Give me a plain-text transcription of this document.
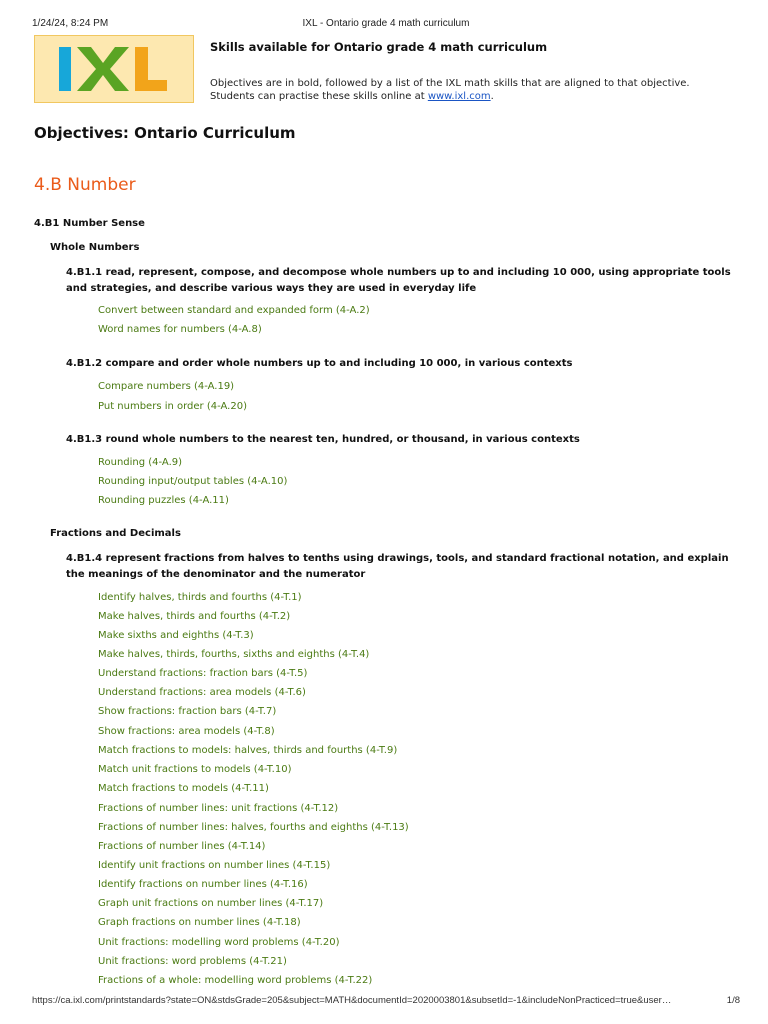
1/24/24, 8:24 PM	IXL - Ontario grade 4 math curriculum
Skills available for Ontario grade 4 math curriculum
Objectives are in bold, followed by a list of the IXL math skills that are aligned to that objective.
Students can practise these skills online at www.ixl.com.
Objectives: Ontario Curriculum
4.B Number
4.B1 Number Sense
Whole Numbers
4.B1.1 read, represent, compose, and decompose whole numbers up to and including 10 000, using appropriate tools and strategies, and describe various ways they are used in everyday life
Convert between standard and expanded form (4-A.2)
Word names for numbers (4-A.8)
4.B1.2 compare and order whole numbers up to and including 10 000, in various contexts
Compare numbers (4-A.19)
Put numbers in order (4-A.20)
4.B1.3 round whole numbers to the nearest ten, hundred, or thousand, in various contexts
Rounding (4-A.9)
Rounding input/output tables (4-A.10)
Rounding puzzles (4-A.11)
Fractions and Decimals
4.B1.4 represent fractions from halves to tenths using drawings, tools, and standard fractional notation, and explain the meanings of the denominator and the numerator
Identify halves, thirds and fourths (4-T.1)
Make halves, thirds and fourths (4-T.2)
Make sixths and eighths (4-T.3)
Make halves, thirds, fourths, sixths and eighths (4-T.4)
Understand fractions: fraction bars (4-T.5)
Understand fractions: area models (4-T.6)
Show fractions: fraction bars (4-T.7)
Show fractions: area models (4-T.8)
Match fractions to models: halves, thirds and fourths (4-T.9)
Match unit fractions to models (4-T.10)
Match fractions to models (4-T.11)
Fractions of number lines: unit fractions (4-T.12)
Fractions of number lines: halves, fourths and eighths (4-T.13)
Fractions of number lines (4-T.14)
Identify unit fractions on number lines (4-T.15)
Identify fractions on number lines (4-T.16)
Graph unit fractions on number lines (4-T.17)
Graph fractions on number lines (4-T.18)
Unit fractions: modelling word problems (4-T.20)
Unit fractions: word problems (4-T.21)
Fractions of a whole: modelling word problems (4-T.22)
https://ca.ixl.com/printstandards?state=ON&stdsGrade=205&subject=MATH&documentId=2020003801&subsetId=-1&includeNonPracticed=true&user…	1/8
